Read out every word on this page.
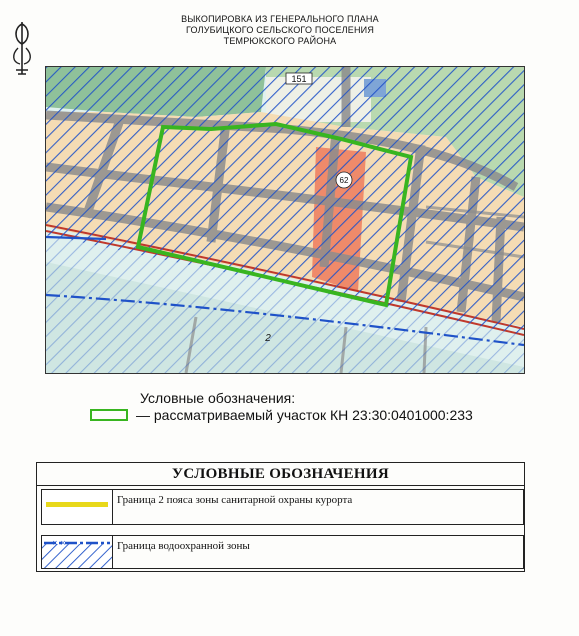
ВЫКОПИРОВКА ИЗ ГЕНЕРАЛЬНОГО ПЛАНА
ГОЛУБИЦКОГО СЕЛЬСКОГО ПОСЕЛЕНИЯ
ТЕМРЮКСКОГО РАЙОНА
151
62
2
Условные обозначения:
— рассматриваемый участок КН 23:30:0401000:233
УСЛОВНЫЕ ОБОЗНАЧЕНИЯ
Граница 2 пояса зоны санитарной охраны курорта
× ×	Граница водоохранной зоны
